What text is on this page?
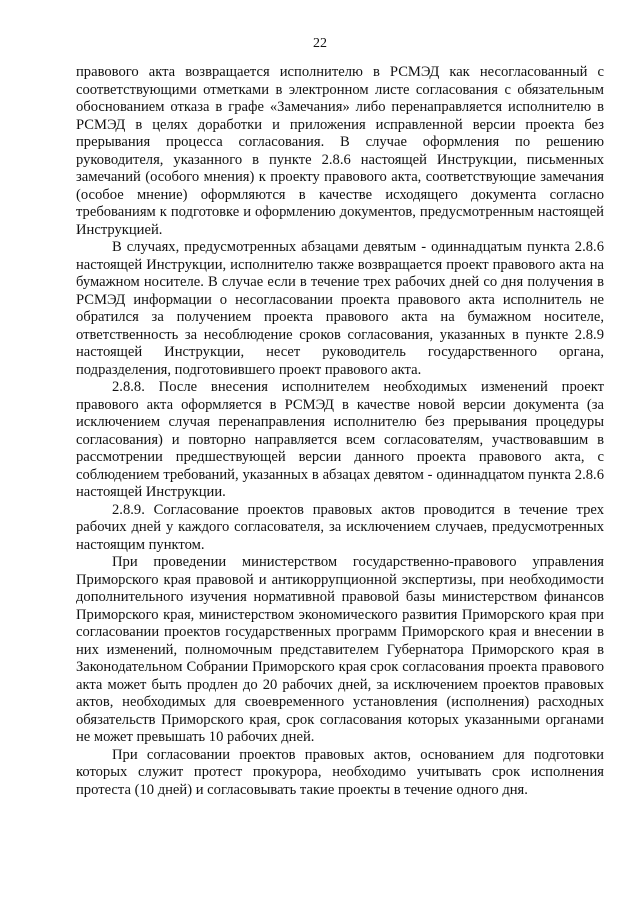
22

правового акта возвращается исполнителю в РСМЭД как несогласованный с соответствующими отметками в электронном листе согласования с обязательным обоснованием отказа в графе «Замечания» либо перенаправляется исполнителю в РСМЭД в целях доработки и приложения исправленной версии проекта без прерывания процесса согласования. В случае оформления по решению руководителя, указанного в пункте 2.8.6 настоящей Инструкции, письменных замечаний (особого мнения) к проекту правового акта, соответствующие замечания (особое мнение) оформляются в качестве исходящего документа согласно требованиям к подготовке и оформлению документов, предусмотренным настоящей Инструкцией.

В случаях, предусмотренных абзацами девятым - одиннадцатым пункта 2.8.6 настоящей Инструкции, исполнителю также возвращается проект правового акта на бумажном носителе. В случае если в течение трех рабочих дней со дня получения в РСМЭД информации о несогласовании проекта правового акта исполнитель не обратился за получением проекта правового акта на бумажном носителе, ответственность за несоблюдение сроков согласования, указанных в пункте 2.8.9 настоящей Инструкции, несет руководитель государственного органа, подразделения, подготовившего проект правового акта.

2.8.8. После внесения исполнителем необходимых изменений проект правового акта оформляется в РСМЭД в качестве новой версии документа (за исключением случая перенаправления исполнителю без прерывания процедуры согласования) и повторно направляется всем согласователям, участвовавшим в рассмотрении предшествующей версии данного проекта правового акта, с соблюдением требований, указанных в абзацах девятом - одиннадцатом пункта 2.8.6 настоящей Инструкции.

2.8.9. Согласование проектов правовых актов проводится в течение трех рабочих дней у каждого согласователя, за исключением случаев, предусмотренных настоящим пунктом.

При проведении министерством государственно-правового управления Приморского края правовой и антикоррупционной экспертизы, при необходимости дополнительного изучения нормативной правовой базы министерством финансов Приморского края, министерством экономического развития Приморского края при согласовании проектов государственных программ Приморского края и внесении в них изменений, полномочным представителем Губернатора Приморского края в Законодательном Собрании Приморского края срок согласования проекта правового акта может быть продлен до 20 рабочих дней, за исключением проектов правовых актов, необходимых для своевременного установления (исполнения) расходных обязательств Приморского края, срок согласования которых указанными органами не может превышать 10 рабочих дней.

При согласовании проектов правовых актов, основанием для подготовки которых служит протест прокурора, необходимо учитывать срок исполнения протеста (10 дней) и согласовывать такие проекты в течение одного дня.
